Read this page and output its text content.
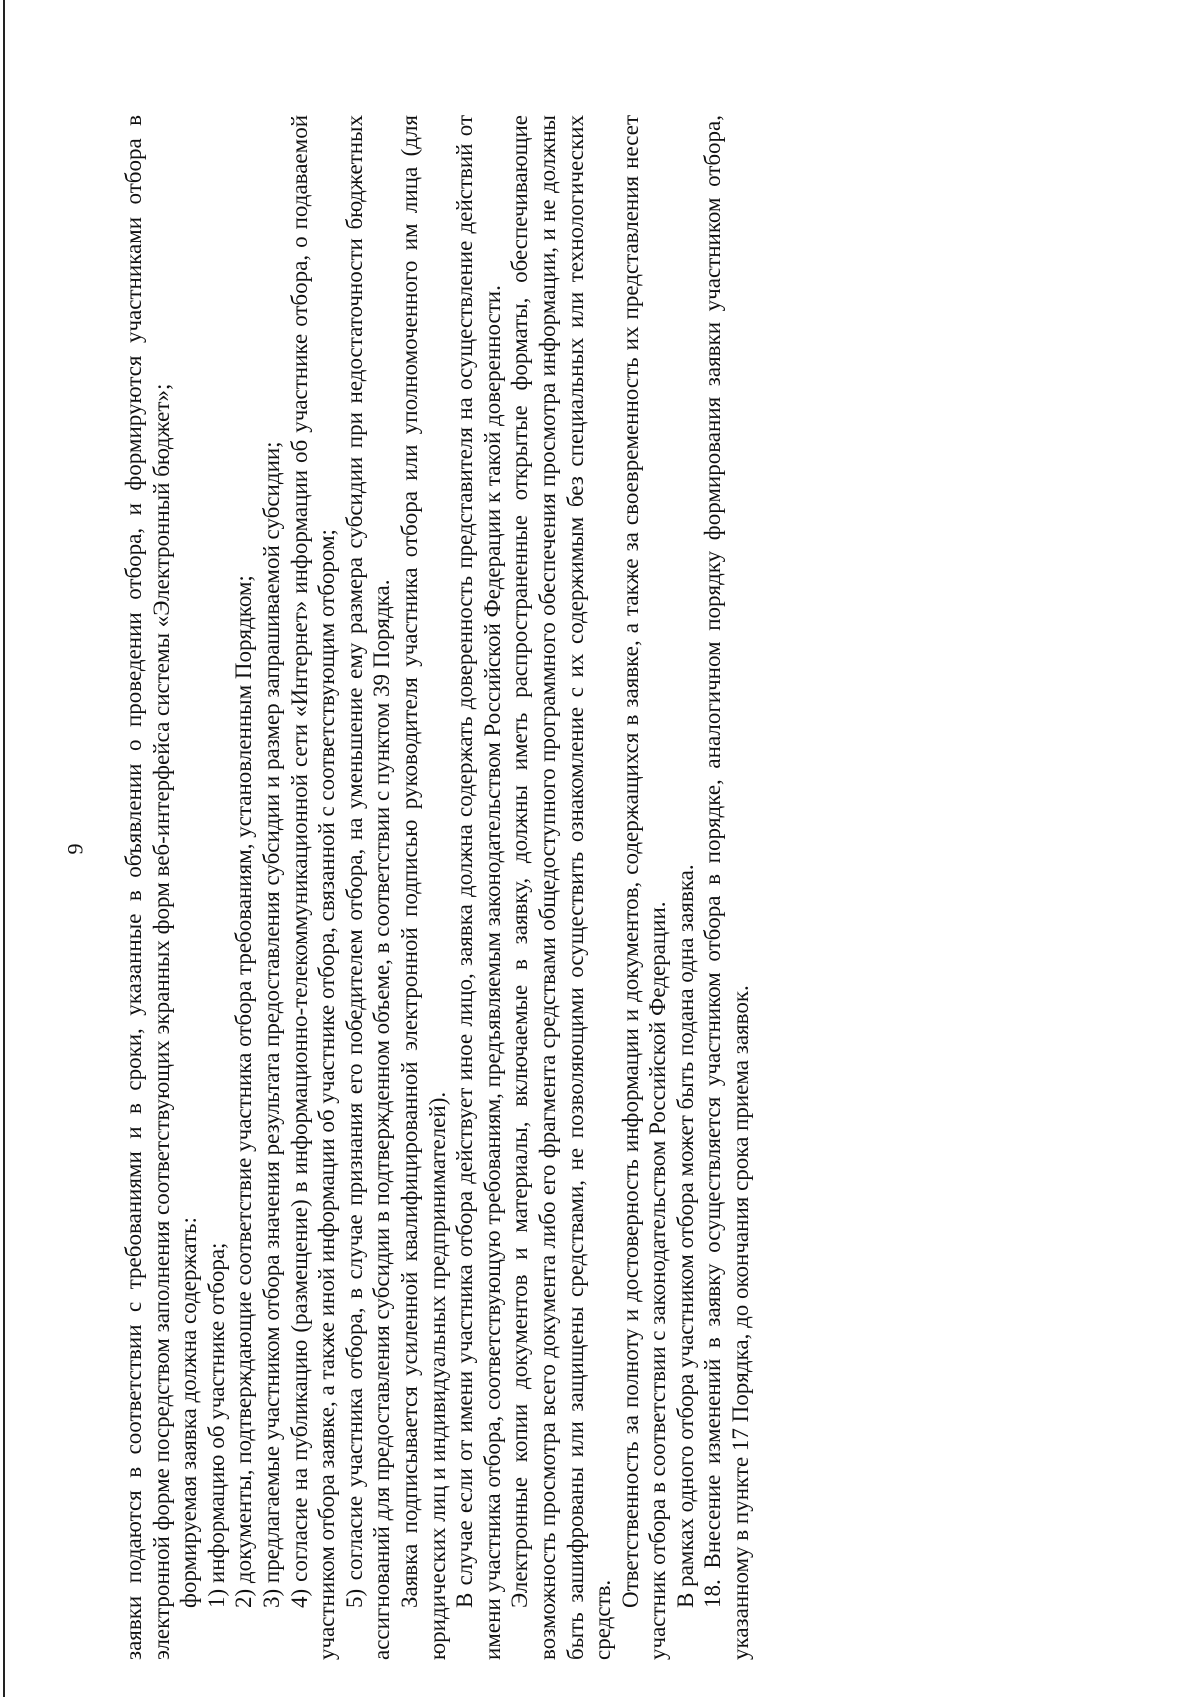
9 заявки подаются в соответствии с требованиями и в сроки, указанные в объявлении о проведении отбора, и формируются участниками отбора в электронной форме посредством заполнения соответствующих экранных форм веб-интерфейса системы «Электронный бюджет»; формируемая заявка должна содержать: 1) информацию об участнике отбора; 2) документы, подтверждающие соответствие участника отбора требованиям, установленным Порядком; 3) предлагаемые участником отбора значения результата предоставления субсидии и размер запрашиваемой субсидии; 4) согласие на публикацию (размещение) в информационно-телекоммуникационной сети «Интернет» информации об участнике отбора, о подаваемой участником отбора заявке, а также иной информации об участнике отбора, связанной с соответствующим отбором; 5) согласие участника отбора, в случае признания его победителем отбора, на уменьшение ему размера субсидии при недостаточности бюджетных ассигнований для предоставления субсидии в подтвержденном объеме, в соответствии с пунктом 39 Порядка. Заявка подписывается усиленной квалифицированной электронной подписью руководителя участника отбора или уполномоченного им лица (для юридических лиц и индивидуальных предпринимателей). В случае если от имени участника отбора действует иное лицо, заявка должна содержать доверенность представителя на осуществление действий от имени участника отбора, соответствующую требованиям, предъявляемым законодательством Российской Федерации к такой доверенности. Электронные копии документов и материалы, включаемые в заявку, должны иметь распространенные открытые форматы, обеспечивающие возможность просмотра всего документа либо его фрагмента средствами общедоступного программного обеспечения просмотра информации, и не должны быть зашифрованы или защищены средствами, не позволяющими осуществить ознакомление с их содержимым без специальных или технологических средств.

Ответственность за полноту и достоверность информации и документов, содержащихся в заявке, а также за своевременность их представления несет участник отбора в соответствии с законодательством Российской Федерации. В рамках одного отбора участником отбора может быть подана одна заявка. 18. Внесение изменений в заявку осуществляется участником отбора в порядке, аналогичном порядку формирования заявки участником отбора, указанному в пункте 17 Порядка, до окончания срока приема заявок.
